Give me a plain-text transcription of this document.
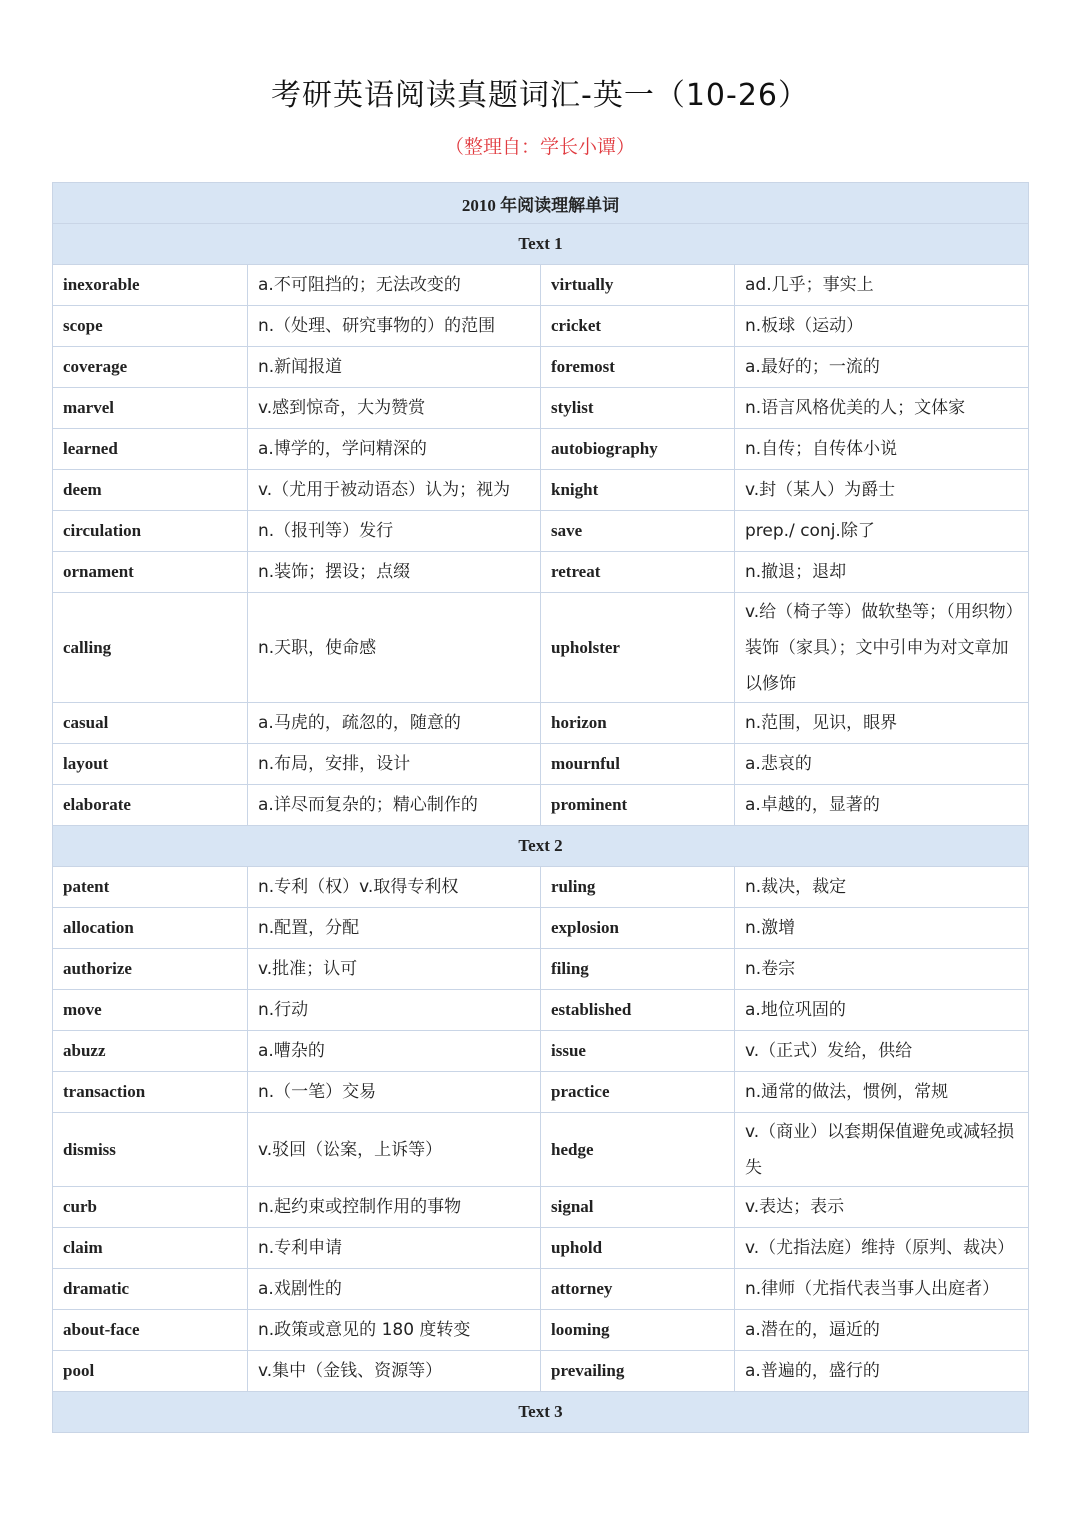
考研英语阅读真题词汇-英一（10-26）
（整理自：学长小谭）
2010 年阅读理解单词			
Text 1			
inexorable	a.不可阻挡的；无法改变的	virtually	ad.几乎；事实上
scope	n.（处理、研究事物的）的范围	cricket	n.板球（运动）
coverage	n.新闻报道	foremost	a.最好的；一流的
marvel	v.感到惊奇，大为赞赏	stylist	n.语言风格优美的人；文体家
learned	a.博学的，学问精深的	autobiography	n.自传；自传体小说
deem	v.（尤用于被动语态）认为；视为	knight	v.封（某人）为爵士
circulation	n.（报刊等）发行	save	prep./ conj.除了
ornament	n.装饰；摆设；点缀	retreat	n.撤退；退却
calling	n.天职，使命感	upholster	v.给（椅子等）做软垫等；（用织物）装饰（家具）；文中引申为对文章加以修饰
casual	a.马虎的，疏忽的，随意的	horizon	n.范围，见识，眼界
layout	n.布局，安排，设计	mournful	a.悲哀的
elaborate	a.详尽而复杂的；精心制作的	prominent	a.卓越的，显著的
Text 2			
patent	n.专利（权）v.取得专利权	ruling	n.裁决，裁定
allocation	n.配置，分配	explosion	n.激增
authorize	v.批准；认可	filing	n.卷宗
move	n.行动	established	a.地位巩固的
abuzz	a.嘈杂的	issue	v.（正式）发给，供给
transaction	n.（一笔）交易	practice	n.通常的做法，惯例，常规
dismiss	v.驳回（讼案，上诉等）	hedge	v.（商业）以套期保值避免或减轻损失
curb	n.起约束或控制作用的事物	signal	v.表达；表示
claim	n.专利申请	uphold	v.（尤指法庭）维持（原判、裁决）
dramatic	a.戏剧性的	attorney	n.律师（尤指代表当事人出庭者）
about-face	n.政策或意见的 180 度转变	looming	a.潜在的，逼近的
pool	v.集中（金钱、资源等）	prevailing	a.普遍的，盛行的
Text 3			
